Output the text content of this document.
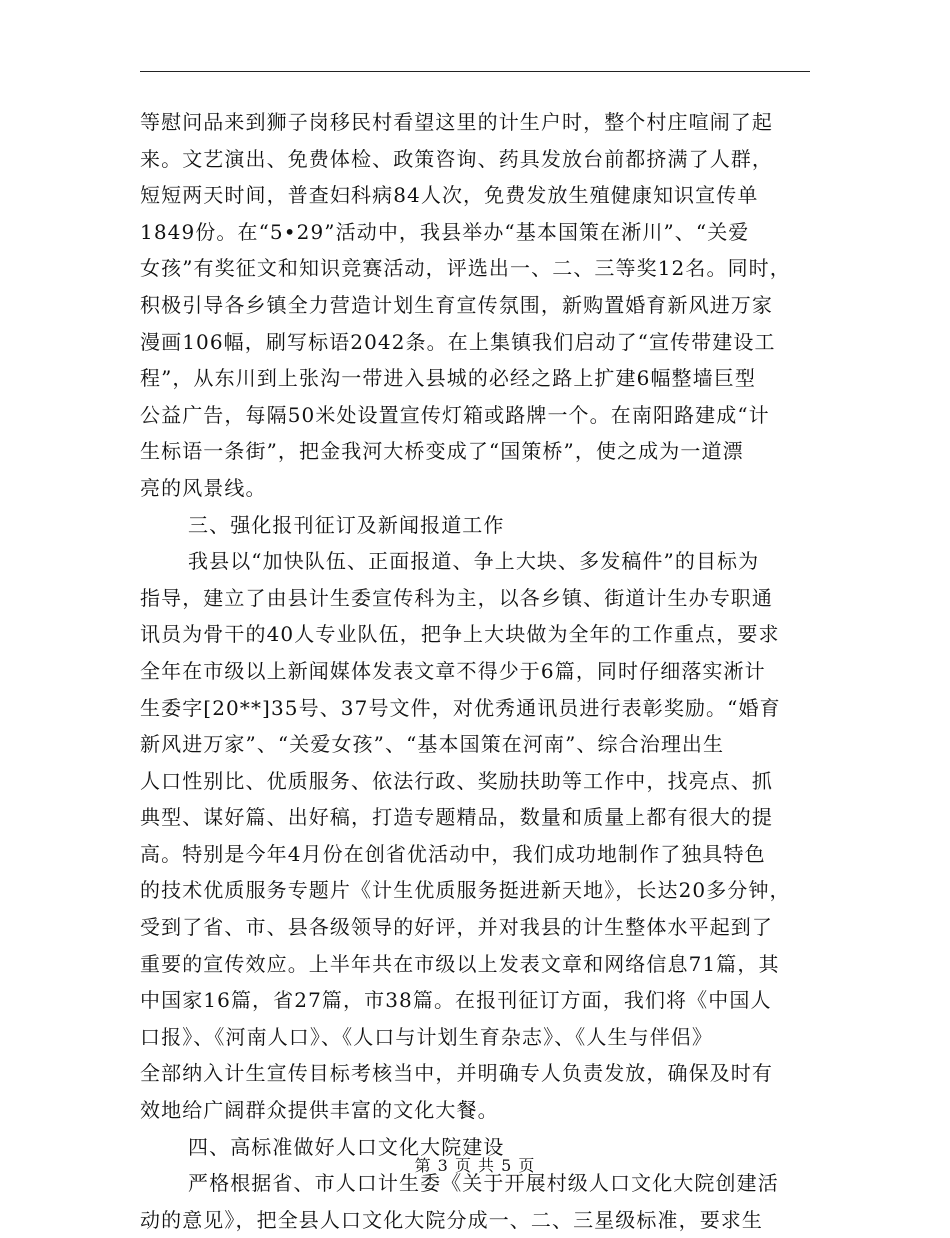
等慰问品来到狮子岗移民村看望这里的计生户时，整个村庄喧闹了起
来。文艺演出、免费体检、政策咨询、药具发放台前都挤满了人群，
短短两天时间，普查妇科病84人次，免费发放生殖健康知识宣传单
1849份。在“5•29”活动中，我县举办“基本国策在淅川”、“关爱
女孩”有奖征文和知识竞赛活动，评选出一、二、三等奖12名。同时，
积极引导各乡镇全力营造计划生育宣传氛围，新购置婚育新风进万家
漫画106幅，刷写标语2042条。在上集镇我们启动了“宣传带建设工
程”，从东川到上张沟一带进入县城的必经之路上扩建6幅整墙巨型
公益广告，每隔50米处设置宣传灯箱或路牌一个。在南阳路建成“计
生标语一条街”，把金我河大桥变成了“国策桥”，使之成为一道漂
亮的风景线。
三、强化报刊征订及新闻报道工作
我县以“加快队伍、正面报道、争上大块、多发稿件”的目标为
指导，建立了由县计生委宣传科为主，以各乡镇、街道计生办专职通
讯员为骨干的40人专业队伍，把争上大块做为全年的工作重点，要求
全年在市级以上新闻媒体发表文章不得少于6篇，同时仔细落实淅计
生委字[20**]35号、37号文件，对优秀通讯员进行表彰奖励。“婚育
新风进万家”、“关爱女孩”、“基本国策在河南”、综合治理出生
人口性别比、优质服务、依法行政、奖励扶助等工作中，找亮点、抓
典型、谋好篇、出好稿，打造专题精品，数量和质量上都有很大的提
高。特别是今年4月份在创省优活动中，我们成功地制作了独具特色
的技术优质服务专题片《计生优质服务挺进新天地》，长达20多分钟，
受到了省、市、县各级领导的好评，并对我县的计生整体水平起到了
重要的宣传效应。上半年共在市级以上发表文章和网络信息71篇，其
中国家16篇，省27篇，市38篇。在报刊征订方面，我们将《中国人
口报》、《河南人口》、《人口与计划生育杂志》、《人生与伴侣》
全部纳入计生宣传目标考核当中，并明确专人负责发放，确保及时有
效地给广阔群众提供丰富的文化大餐。
四、高标准做好人口文化大院建设
严格根据省、市人口计生委《关于开展村级人口文化大院创建活
动的意见》，把全县人口文化大院分成一、二、三星级标准，要求生
第 3 页 共 5 页
